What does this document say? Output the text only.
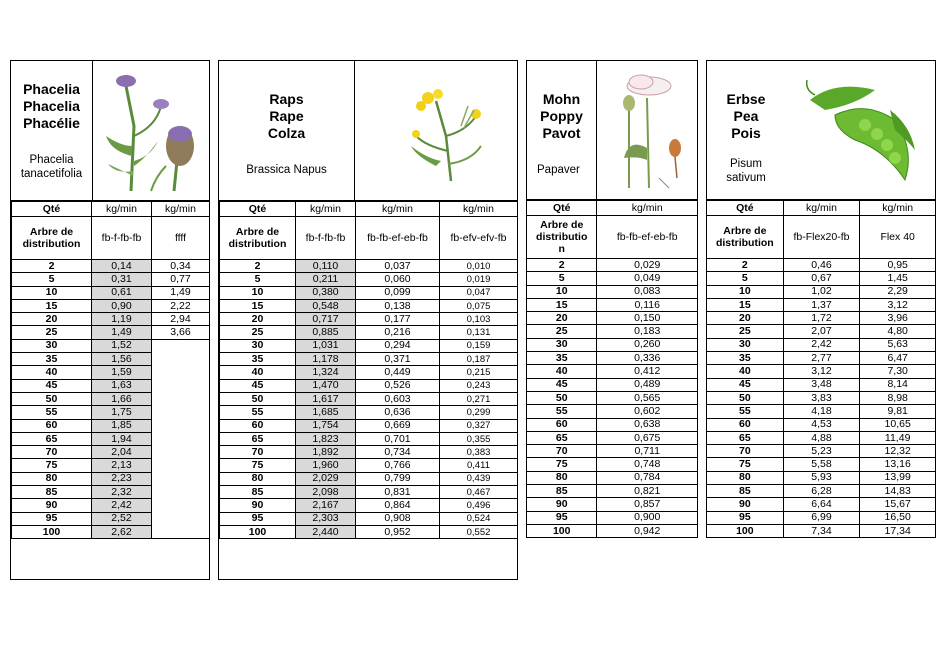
Phacelia
Phacelia
Phacélie
Phacelia
tanacetifolia
Qté	kg/min	kg/min
Arbre de
distribution	fb-f-fb-fb	ffff
2	0,14	0,34
5	0,31	0,77
10	0,61	1,49
15	0,90	2,22
20	1,19	2,94
25	1,49	3,66
30	1,52	
35	1,56	
40	1,59	
45	1,63	
50	1,66	
55	1,75	
60	1,85	
65	1,94	
70	2,04	
75	2,13	
80	2,23	
85	2,32	
90	2,42	
95	2,52	
100	2,62	
Raps
Rape
Colza
Brassica Napus
Qté	kg/min	kg/min	kg/min
Arbre de
distribution	fb-f-fb-fb	fb-fb-ef-eb-fb	fb-efv-efv-fb
2	0,110	0,037	0,010
5	0,211	0,060	0,019
10	0,380	0,099	0,047
15	0,548	0,138	0,075
20	0,717	0,177	0,103
25	0,885	0,216	0,131
30	1,031	0,294	0,159
35	1,178	0,371	0,187
40	1,324	0,449	0,215
45	1,470	0,526	0,243
50	1,617	0,603	0,271
55	1,685	0,636	0,299
60	1,754	0,669	0,327
65	1,823	0,701	0,355
70	1,892	0,734	0,383
75	1,960	0,766	0,411
80	2,029	0,799	0,439
85	2,098	0,831	0,467
90	2,167	0,864	0,496
95	2,303	0,908	0,524
100	2,440	0,952	0,552
Mohn
Poppy
Pavot
Papaver
Qté	kg/min
Arbre de
distributio
n	fb-fb-ef-eb-fb
2	0,029
5	0,049
10	0,083
15	0,116
20	0,150
25	0,183
30	0,260
35	0,336
40	0,412
45	0,489
50	0,565
55	0,602
60	0,638
65	0,675
70	0,711
75	0,748
80	0,784
85	0,821
90	0,857
95	0,900
100	0,942
Erbse
Pea
Pois
Pisum
sativum
Qté	kg/min	kg/min
Arbre de
distribution	fb-Flex20-fb	Flex 40
2	0,46	0,95
5	0,67	1,45
10	1,02	2,29
15	1,37	3,12
20	1,72	3,96
25	2,07	4,80
30	2,42	5,63
35	2,77	6,47
40	3,12	7,30
45	3,48	8,14
50	3,83	8,98
55	4,18	9,81
60	4,53	10,65
65	4,88	11,49
70	5,23	12,32
75	5,58	13,16
80	5,93	13,99
85	6,28	14,83
90	6,64	15,67
95	6,99	16,50
100	7,34	17,34
